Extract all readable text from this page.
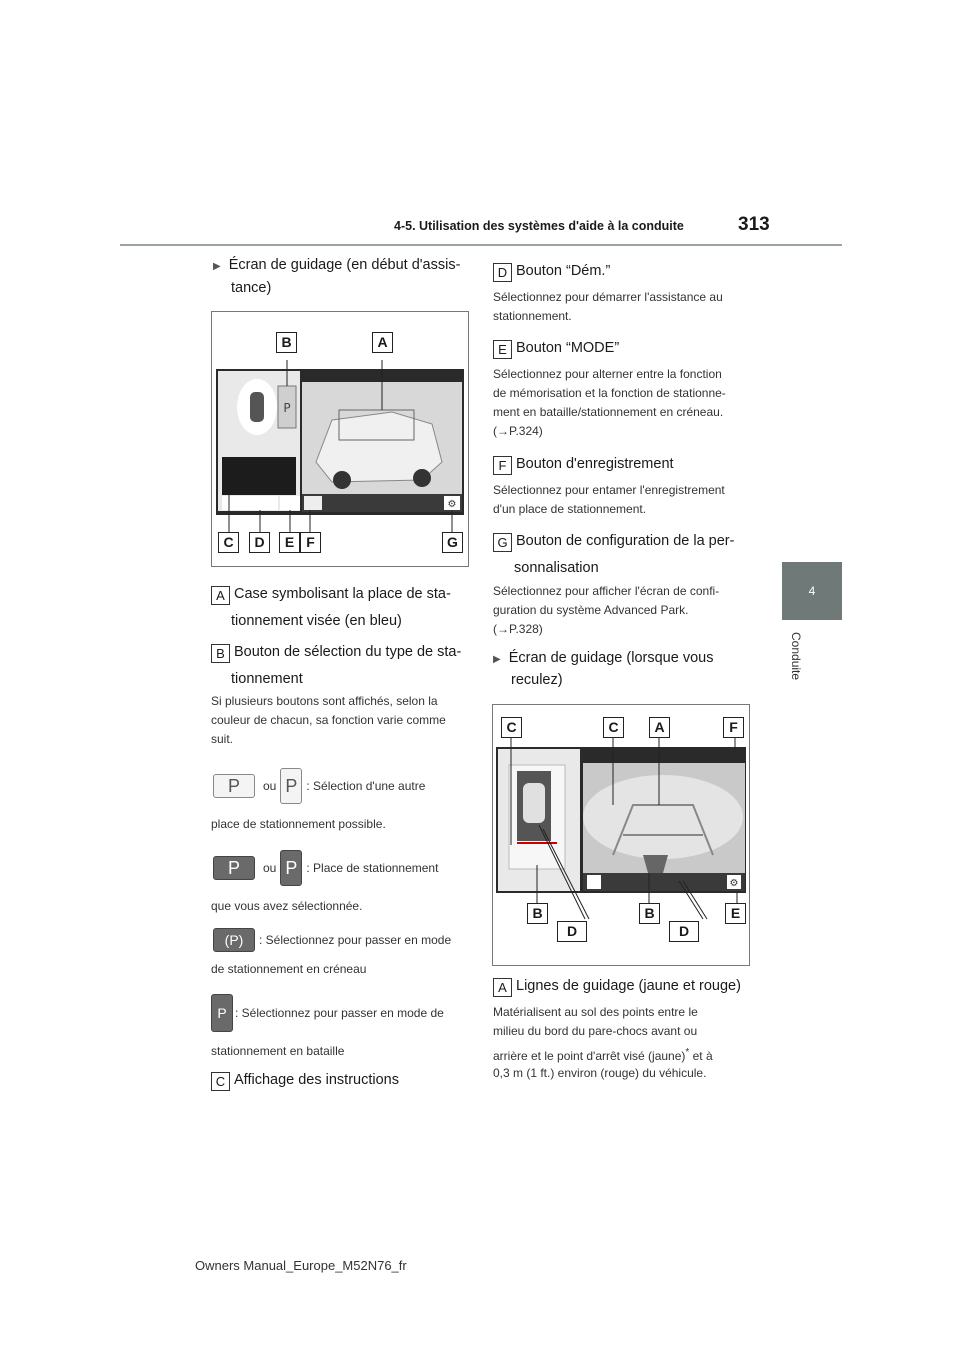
4-5. Utilisation des systèmes d'aide à la conduite	313
4
Conduite
▶ Écran de guidage (en début d'assis-
tance)
P
⚙
B	A
C	D	E F	G
A Case symbolisant la place de sta-
tionnement visée (en bleu)
B Bouton de sélection du type de sta-
tionnement
Si plusieurs boutons sont affichés, selon la
couleur de chacun, sa fonction varie comme
suit.
P	ou P : Sélection d'une autre
place de stationnement possible.
P	ou P : Place de stationnement
que vous avez sélectionnée.
(P)	: Sélectionnez pour passer en mode
de stationnement en créneau
P : Sélectionnez pour passer en mode de
stationnement en bataille
C Affichage des instructions
D Bouton “Dém.”
Sélectionnez pour démarrer l'assistance au
stationnement.
E Bouton “MODE”
Sélectionnez pour alterner entre la fonction
de mémorisation et la fonction de stationne-
ment en bataille/stationnement en créneau.
(→P.324)
F Bouton d'enregistrement
Sélectionnez pour entamer l'enregistrement
d'un place de stationnement.
G Bouton de configuration de la per-
sonnalisation
Sélectionnez pour afficher l'écran de confi-
guration du système Advanced Park.
(→P.328)
▶ Écran de guidage (lorsque vous
reculez)
⚙
C	C	A	F
B	B	E
D	D
A Lignes de guidage (jaune et rouge)
Matérialisent au sol des points entre le
milieu du bord du pare-chocs avant ou
arrière et le point d'arrêt visé (jaune)* et à
0,3 m (1 ft.) environ (rouge) du véhicule.
Owners Manual_Europe_M52N76_fr
